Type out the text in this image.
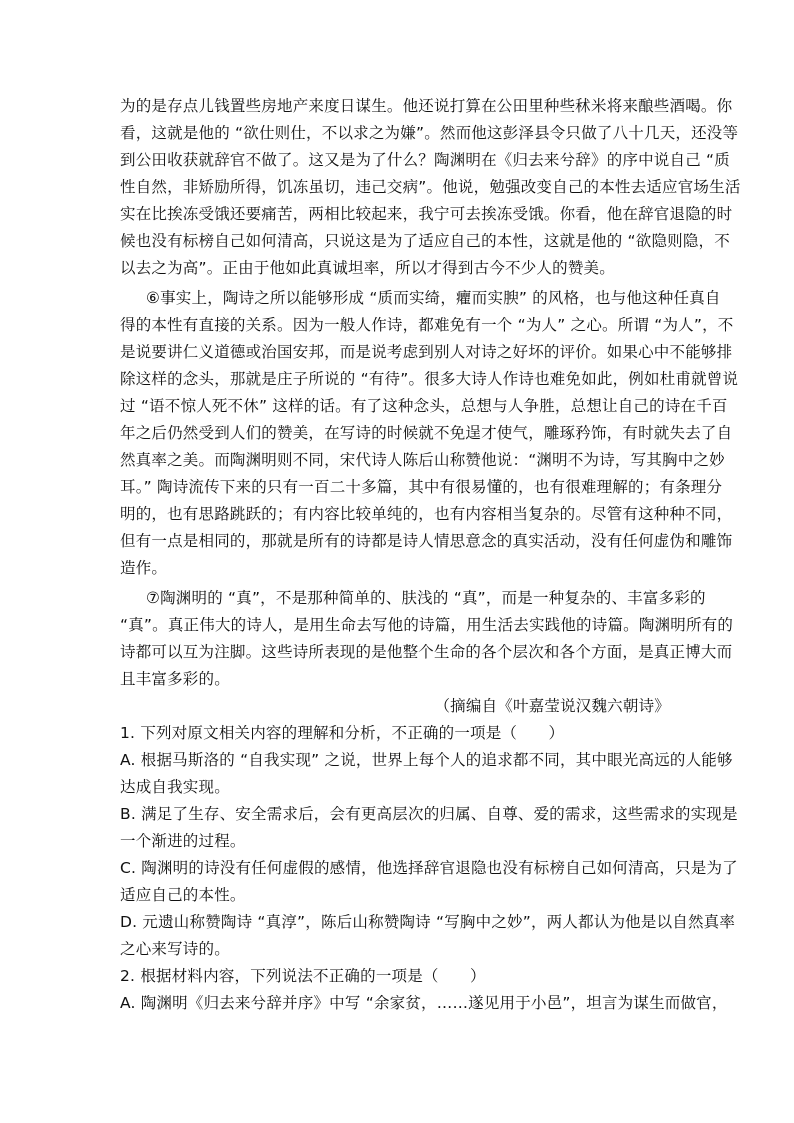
为的是存点儿钱置些房地产来度日谋生。他还说打算在公田里种些秫米将来酿些酒喝。你
看，这就是他的 “欲仕则仕，不以求之为嫌”。然而他这彭泽县令只做了八十几天，还没等
到公田收获就辞官不做了。这又是为了什么？陶渊明在《归去来兮辞》的序中说自己 “质
性自然，非矫励所得，饥冻虽切，违己交病”。他说，勉强改变自己的本性去适应官场生活
实在比挨冻受饿还要痛苦，两相比较起来，我宁可去挨冻受饿。你看，他在辞官退隐的时
候也没有标榜自己如何清高，只说这是为了适应自己的本性，这就是他的 “欲隐则隐，不
以去之为高”。正由于他如此真诚坦率，所以才得到古今不少人的赞美。
⑥事实上，陶诗之所以能够形成 “质而实绮，癯而实腴” 的风格，也与他这种任真自
得的本性有直接的关系。因为一般人作诗，都难免有一个 “为人” 之心。所谓 “为人”，不
是说要讲仁义道德或治国安邦，而是说考虑到别人对诗之好坏的评价。如果心中不能够排
除这样的念头，那就是庄子所说的 “有待”。很多大诗人作诗也难免如此，例如杜甫就曾说
过 “语不惊人死不休” 这样的话。有了这种念头，总想与人争胜，总想让自己的诗在千百
年之后仍然受到人们的赞美，在写诗的时候就不免逞才使气，雕琢矜饰，有时就失去了自
然真率之美。而陶渊明则不同，宋代诗人陈后山称赞他说：“渊明不为诗，写其胸中之妙
耳。” 陶诗流传下来的只有一百二十多篇，其中有很易懂的，也有很难理解的；有条理分
明的，也有思路跳跃的；有内容比较单纯的，也有内容相当复杂的。尽管有这种种不同，
但有一点是相同的，那就是所有的诗都是诗人情思意念的真实活动，没有任何虚伪和雕饰
造作。
⑦陶渊明的 “真”，不是那种简单的、肤浅的 “真”，而是一种复杂的、丰富多彩的
“真”。真正伟大的诗人，是用生命去写他的诗篇，用生活去实践他的诗篇。陶渊明所有的
诗都可以互为注脚。这些诗所表现的是他整个生命的各个层次和各个方面，是真正博大而
且丰富多彩的。
（摘编自《叶嘉莹说汉魏六朝诗》
1. 下列对原文相关内容的理解和分析，不正确的一项是（　　）
A. 根据马斯洛的 “自我实现” 之说，世界上每个人的追求都不同，其中眼光高远的人能够
达成自我实现。
B. 满足了生存、安全需求后，会有更高层次的归属、自尊、爱的需求，这些需求的实现是
一个渐进的过程。
C. 陶渊明的诗没有任何虚假的感情，他选择辞官退隐也没有标榜自己如何清高，只是为了
适应自己的本性。
D. 元遗山称赞陶诗 “真淳”，陈后山称赞陶诗 “写胸中之妙”，两人都认为他是以自然真率
之心来写诗的。
2. 根据材料内容，下列说法不正确的一项是（　　）
A. 陶渊明《归去来兮辞并序》中写 “余家贫，……遂见用于小邑”，坦言为谋生而做官，
